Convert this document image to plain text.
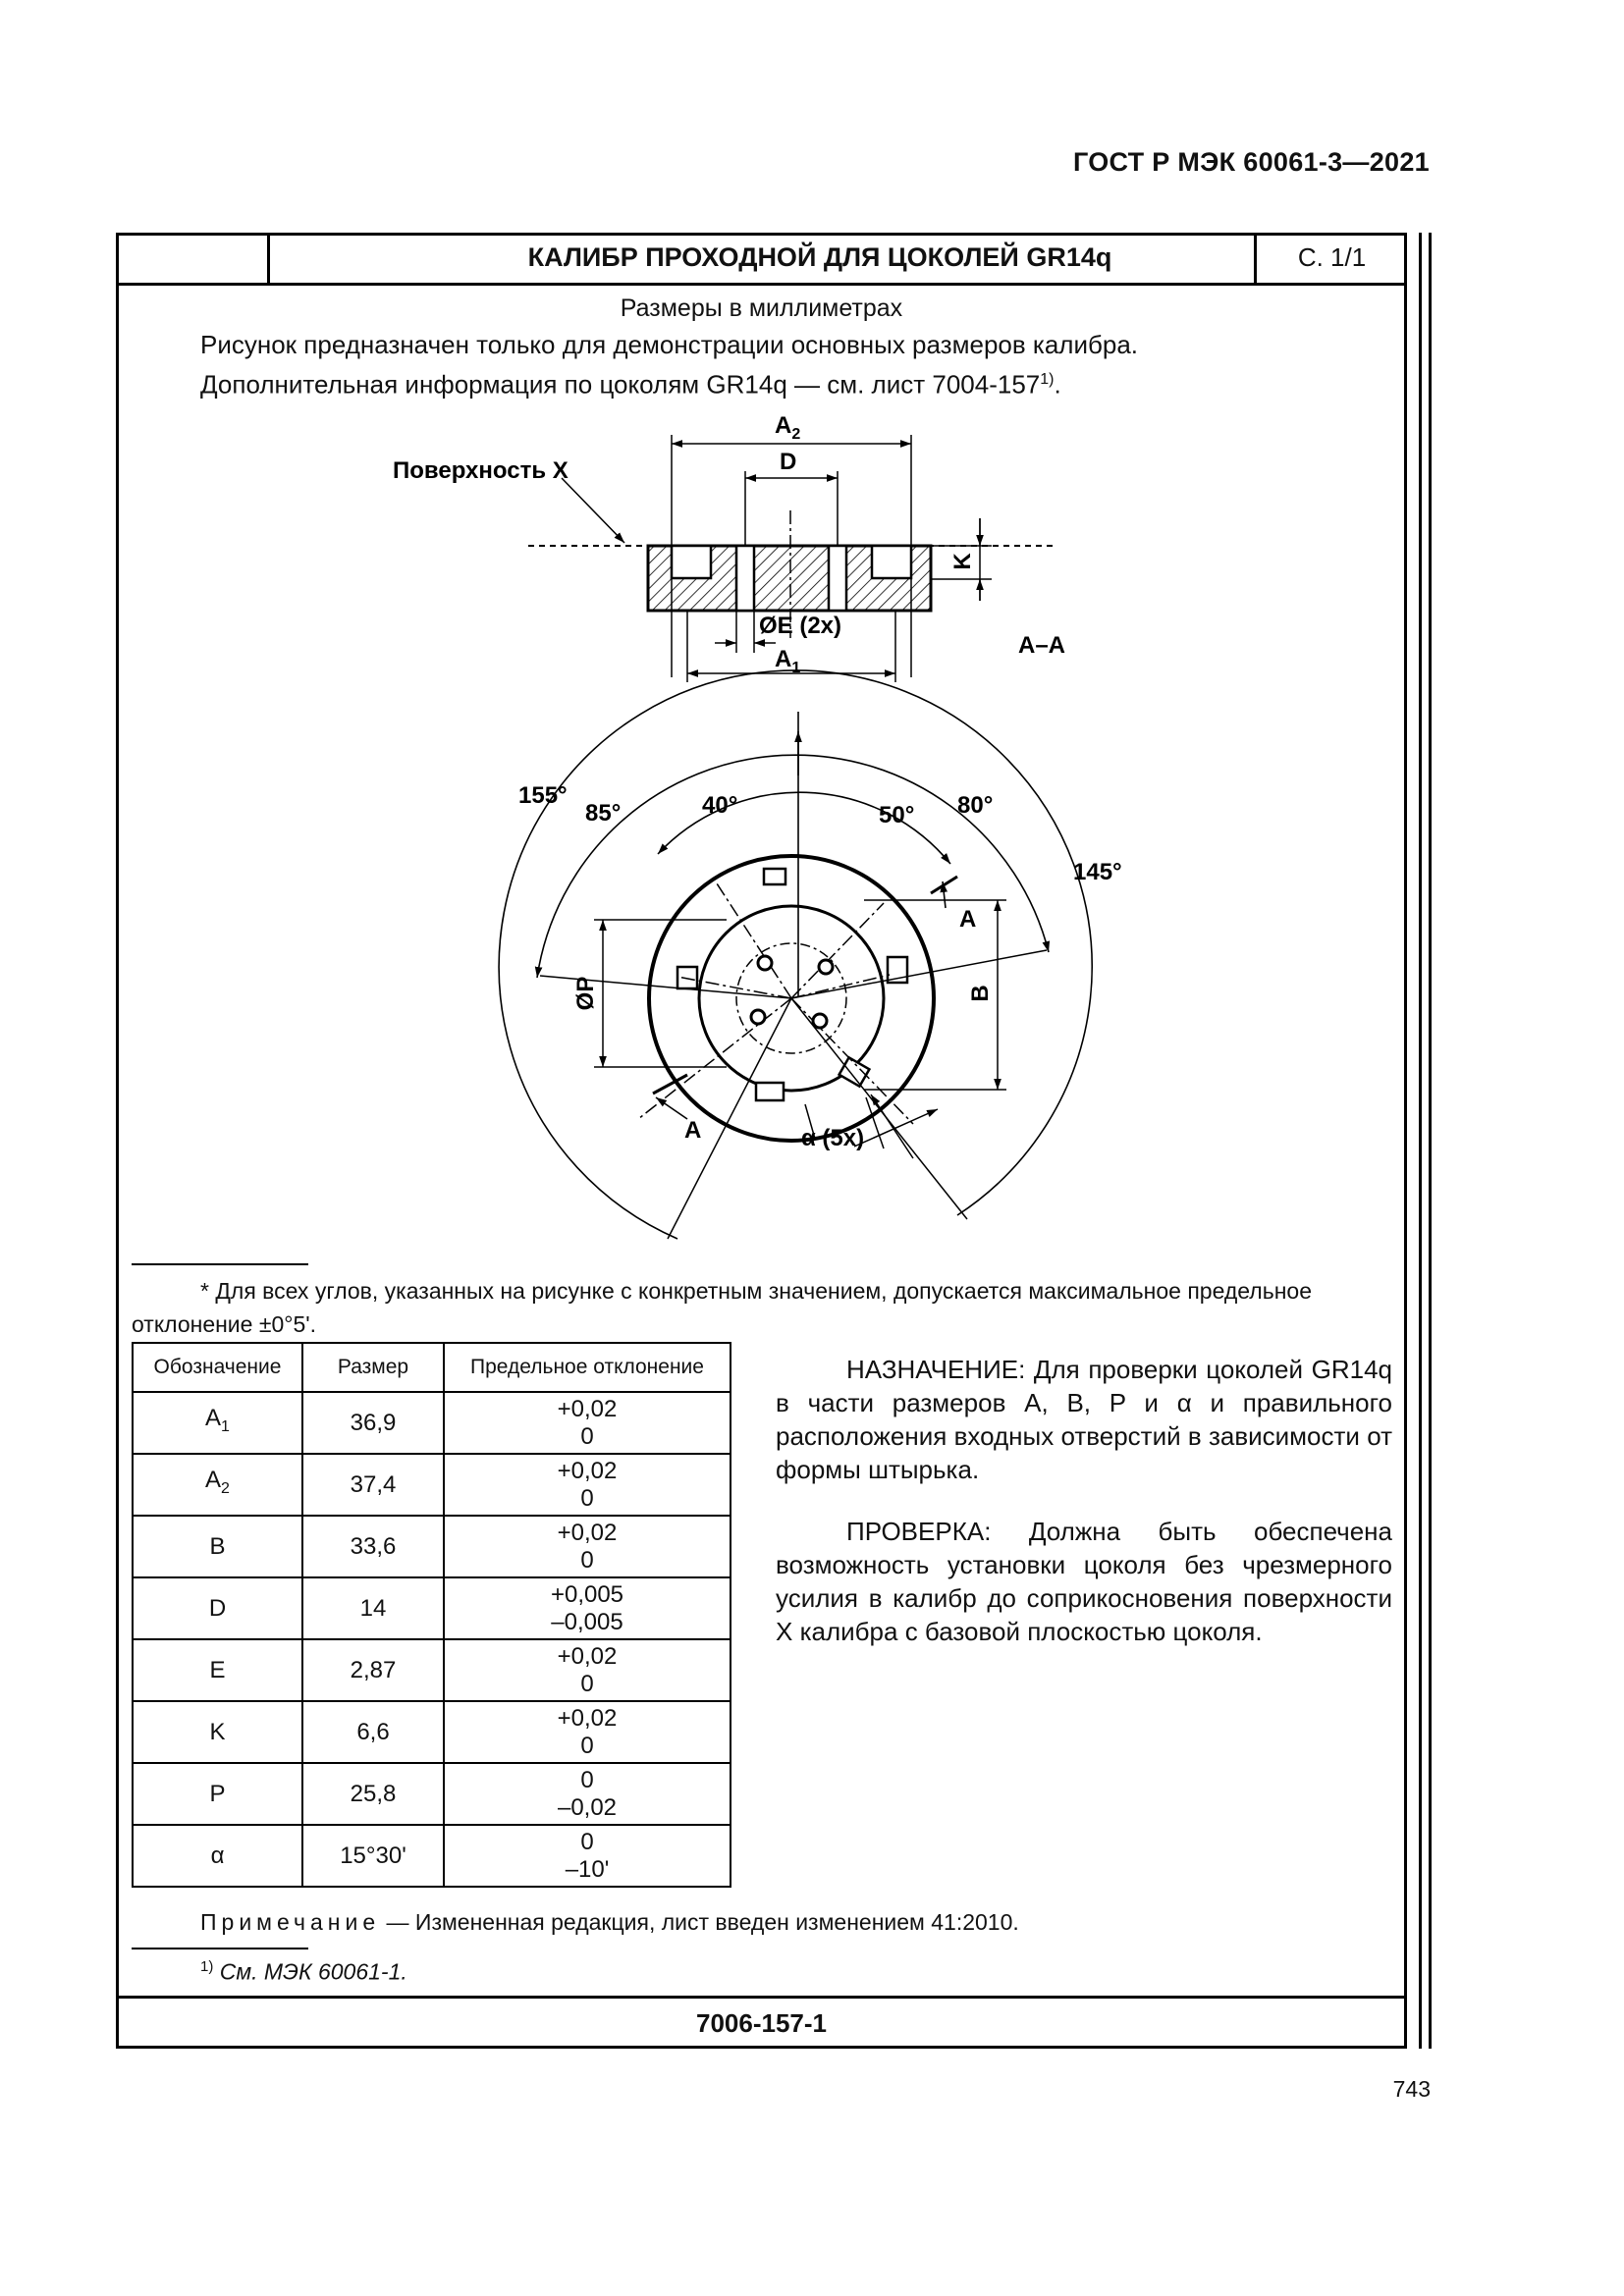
ГОСТ Р МЭК 60061-3—2021
КАЛИБР ПРОХОДНОЙ ДЛЯ ЦОКОЛЕЙ GR14q	С. 1/1
Размеры в миллиметрах
Рисунок предназначен только для демонстрации основных размеров калибра.
Дополнительная информация по цоколям GR14q — см. лист 7004-157$^{1)}$.
Поверхность X
$A_2$
D
K
ØE (2x)
$A_1$
A–A
ØP	B
α (5x)
A
A
155°
85°	40°	50° 80°
145°
* Для всех углов, указанных на рисунке с конкретным значением, допускается максимальное предельное отклонение ±0°5'.
Обозначение	Размер	Предельное отклонение
$A_1$	36,9	+0,02
0

$A_2$	37,4	+0,02
0

B	33,6	+0,02
0

D	14	+0,005
–0,005

E	2,87	+0,02
0

K	6,6	+0,02
0

P	25,8	0
–0,02

α	15°30'	0
–10'
НАЗНАЧЕНИЕ: Для проверки цоколей GR14q в части размеров A, B, P и α и правильного расположения входных отверстий в зависимости от формы штырька.
ПРОВЕРКА: Должна быть обеспечена возможность установки цоколя без чрезмерного усилия в калибр до соприкосновения поверхности X калибра с базовой плоскостью цоколя.
Примечание — Измененная редакция, лист введен изменением 41:2010.
$^{1)}$ См. МЭК 60061-1.
7006-157-1
743
